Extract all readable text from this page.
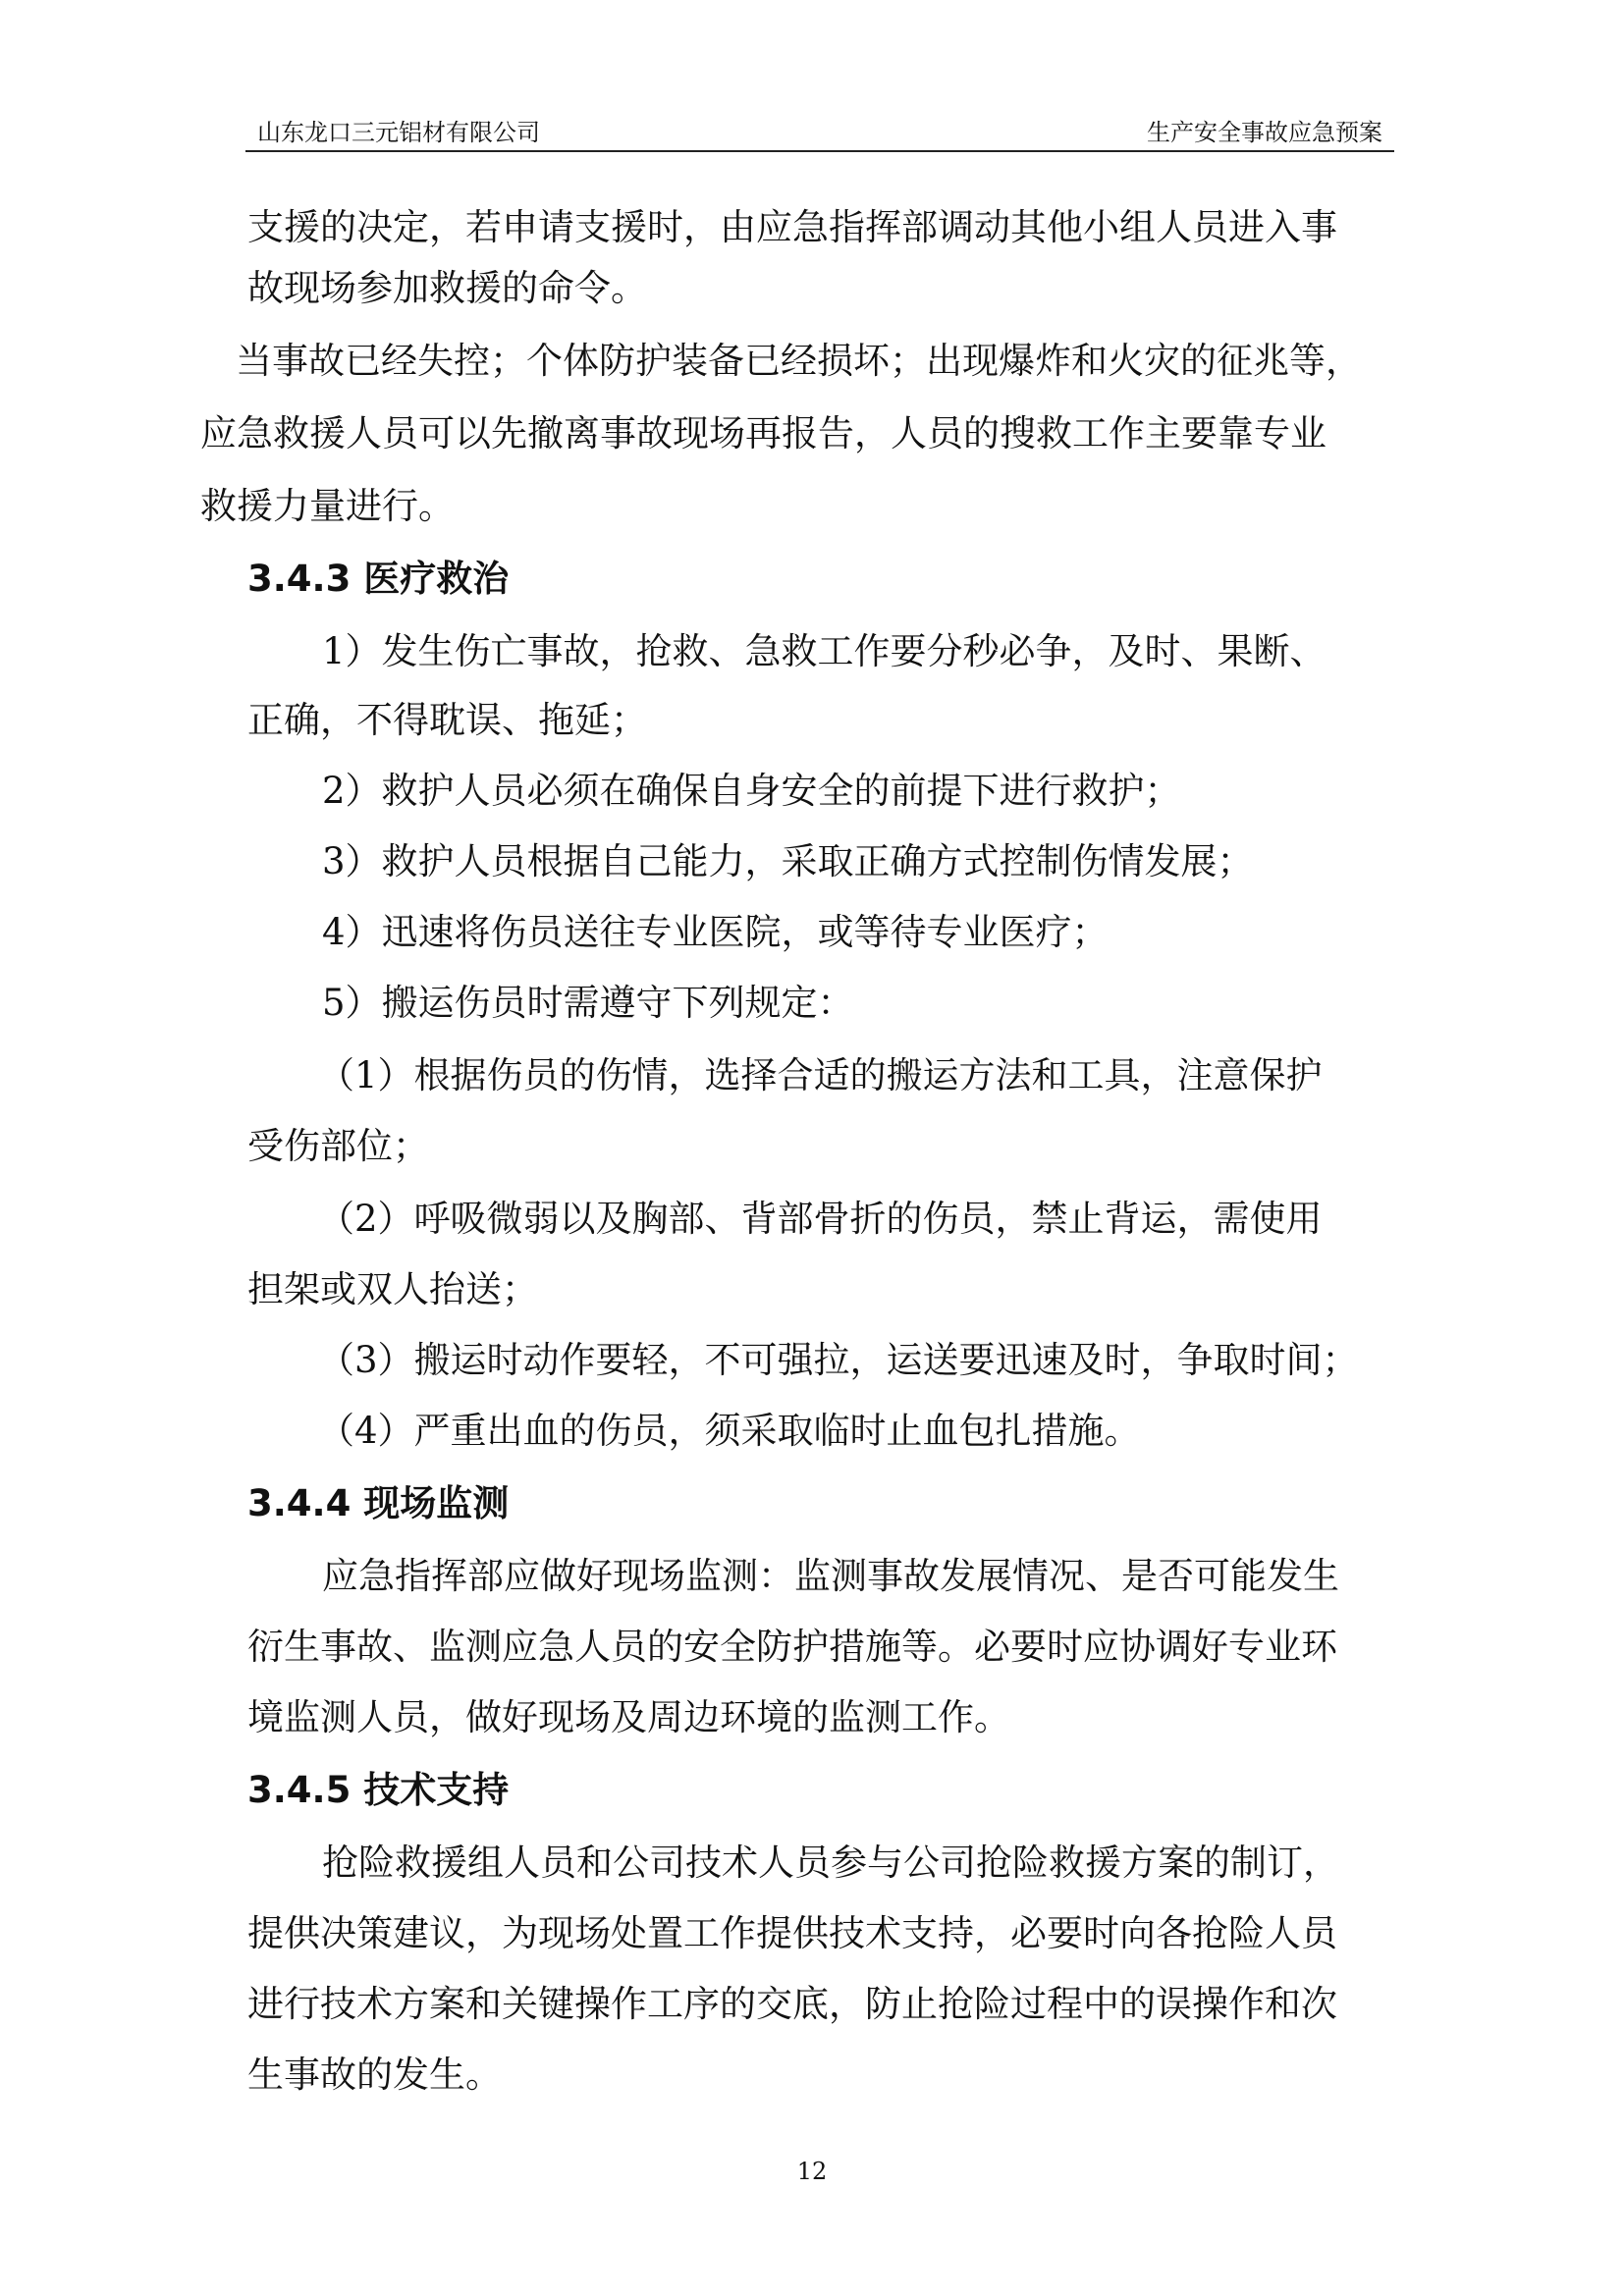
山东龙口三元铝材有限公司	生产安全事故应急预案
支援的决定，若申请支援时，由应急指挥部调动其他小组人员进入事
故现场参加救援的命令。
当事故已经失控；个体防护装备已经损坏；出现爆炸和火灾的征兆等，
应急救援人员可以先撤离事故现场再报告，人员的搜救工作主要靠专业
救援力量进行。
3.4.3 医疗救治
1）发生伤亡事故，抢救、急救工作要分秒必争，及时、果断、
正确，不得耽误、拖延；
2）救护人员必须在确保自身安全的前提下进行救护；
3）救护人员根据自己能力，采取正确方式控制伤情发展；
4）迅速将伤员送往专业医院，或等待专业医疗；
5）搬运伤员时需遵守下列规定：
（1）根据伤员的伤情，选择合适的搬运方法和工具，注意保护
受伤部位；
（2）呼吸微弱以及胸部、背部骨折的伤员，禁止背运，需使用
担架或双人抬送；
（3）搬运时动作要轻，不可强拉，运送要迅速及时，争取时间；
（4）严重出血的伤员，须采取临时止血包扎措施。
3.4.4 现场监测
应急指挥部应做好现场监测：监测事故发展情况、是否可能发生
衍生事故、监测应急人员的安全防护措施等。必要时应协调好专业环
境监测人员，做好现场及周边环境的监测工作。
3.4.5 技术支持
抢险救援组人员和公司技术人员参与公司抢险救援方案的制订，
提供决策建议，为现场处置工作提供技术支持，必要时向各抢险人员
进行技术方案和关键操作工序的交底，防止抢险过程中的误操作和次
生事故的发生。
12
